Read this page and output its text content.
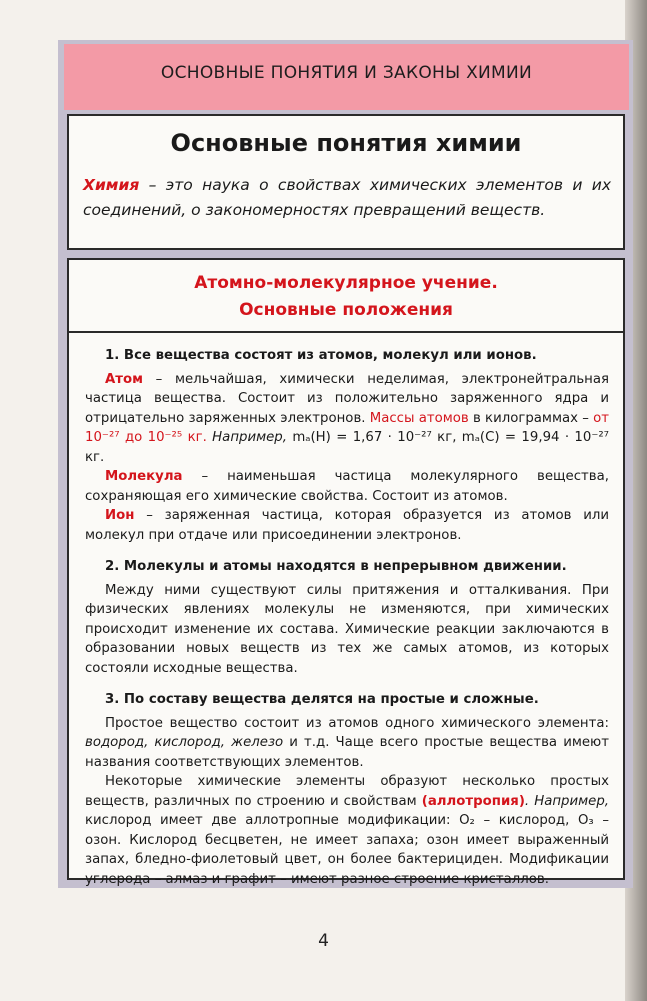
ОСНОВНЫЕ ПОНЯТИЯ И ЗАКОНЫ ХИМИИ
Основные понятия химии
Химия – это наука о свойствах химических элементов и их соединений, о закономерностях превращений веществ.
Атомно-молекулярное учение.
Основные положения
1. Все вещества состоят из атомов, молекул или ионов.

Атом – мельчайшая, химически неделимая, электронейтральная частица вещества. Состоит из положительно заряженного ядра и отрицательно заряженных электронов. Массы атомов в килограммах – от 10⁻²⁷ до 10⁻²⁵ кг. Например, mₐ(H) = 1,67 · 10⁻²⁷ кг, mₐ(C) = 19,94 · 10⁻²⁷ кг.

Молекула – наименьшая частица молекулярного вещества, сохраняющая его химические свойства. Состоит из атомов.

Ион – заряженная частица, которая образуется из атомов или молекул при отдаче или присоединении электронов.

2. Молекулы и атомы находятся в непрерывном движении.

Между ними существуют силы притяжения и отталкивания. При физических явлениях молекулы не изменяются, при химических происходит изменение их состава. Химические реакции заключаются в образовании новых веществ из тех же самых атомов, из которых состояли исходные вещества.

3. По составу вещества делятся на простые и сложные.

Простое вещество состоит из атомов одного химического элемента: водород, кислород, железо и т.д. Чаще всего простые вещества имеют названия соответствующих элементов.

Некоторые химические элементы образуют несколько простых веществ, различных по строению и свойствам (аллотропия). Например, кислород имеет две аллотропные модификации: O₂ – кислород, O₃ – озон. Кислород бесцветен, не имеет запаха; озон имеет выраженный запах, бледно-фиолетовый цвет, он более бактерициден. Модификации углерода – алмаз и графит – имеют разное строение кристаллов.

4
